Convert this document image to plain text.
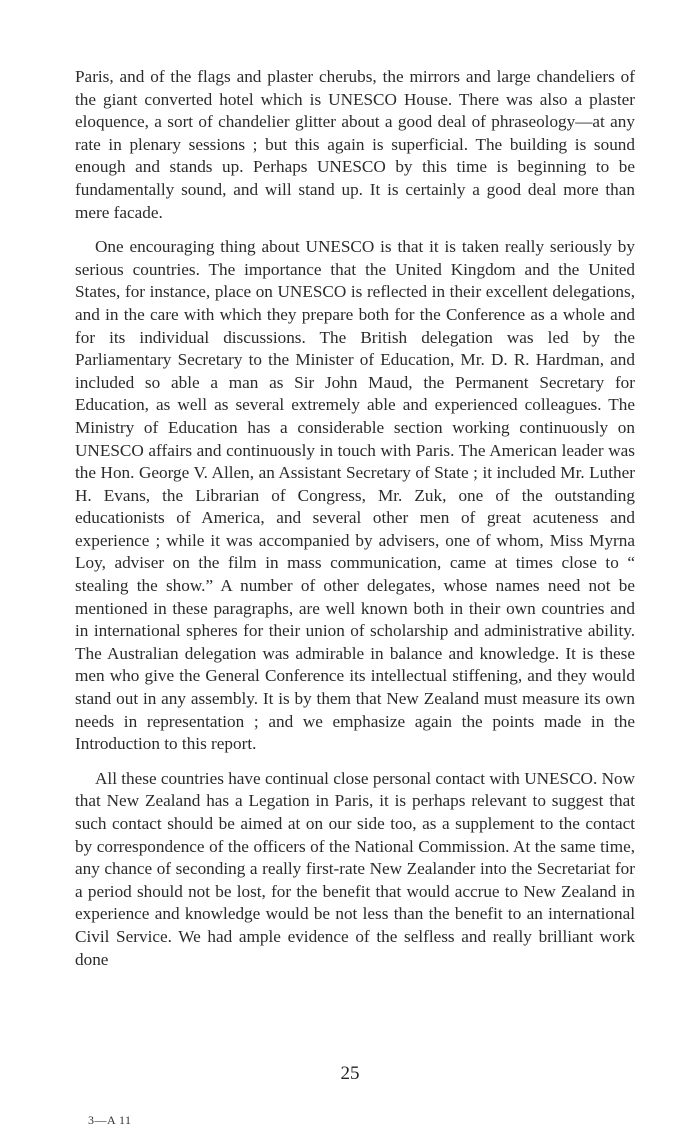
Paris, and of the flags and plaster cherubs, the mirrors and large chandeliers of the giant converted hotel which is UNESCO House. There was also a plaster eloquence, a sort of chandelier glitter about a good deal of phraseology—at any rate in plenary sessions ; but this again is superficial. The building is sound enough and stands up. Perhaps UNESCO by this time is beginning to be fundamentally sound, and will stand up. It is certainly a good deal more than mere facade.

One encouraging thing about UNESCO is that it is taken really seriously by serious countries. The importance that the United Kingdom and the United States, for instance, place on UNESCO is reflected in their excellent delegations, and in the care with which they prepare both for the Conference as a whole and for its individual discussions. The British delegation was led by the Parliamentary Secretary to the Minister of Education, Mr. D. R. Hardman, and included so able a man as Sir John Maud, the Permanent Secretary for Education, as well as several extremely able and experienced colleagues. The Ministry of Education has a considerable section working continuously on UNESCO affairs and continuously in touch with Paris. The American leader was the Hon. George V. Allen, an Assistant Secretary of State ; it included Mr. Luther H. Evans, the Librarian of Congress, Mr. Zuk, one of the outstanding educationists of America, and several other men of great acuteness and experience ; while it was accompanied by advisers, one of whom, Miss Myrna Loy, adviser on the film in mass communication, came at times close to “ stealing the show.” A number of other delegates, whose names need not be mentioned in these paragraphs, are well known both in their own countries and in international spheres for their union of scholarship and administrative ability. The Australian delegation was admirable in balance and knowledge. It is these men who give the General Conference its intellectual stiffening, and they would stand out in any assembly. It is by them that New Zealand must measure its own needs in representation ; and we emphasize again the points made in the Introduction to this report.

All these countries have continual close personal contact with UNESCO. Now that New Zealand has a Legation in Paris, it is perhaps relevant to suggest that such contact should be aimed at on our side too, as a supplement to the contact by correspondence of the officers of the National Commission. At the same time, any chance of seconding a really first-rate New Zealander into the Secretariat for a period should not be lost, for the benefit that would accrue to New Zealand in experience and knowledge would be not less than the benefit to an international Civil Service. We had ample evidence of the selfless and really brilliant work done

25
3—A 11
